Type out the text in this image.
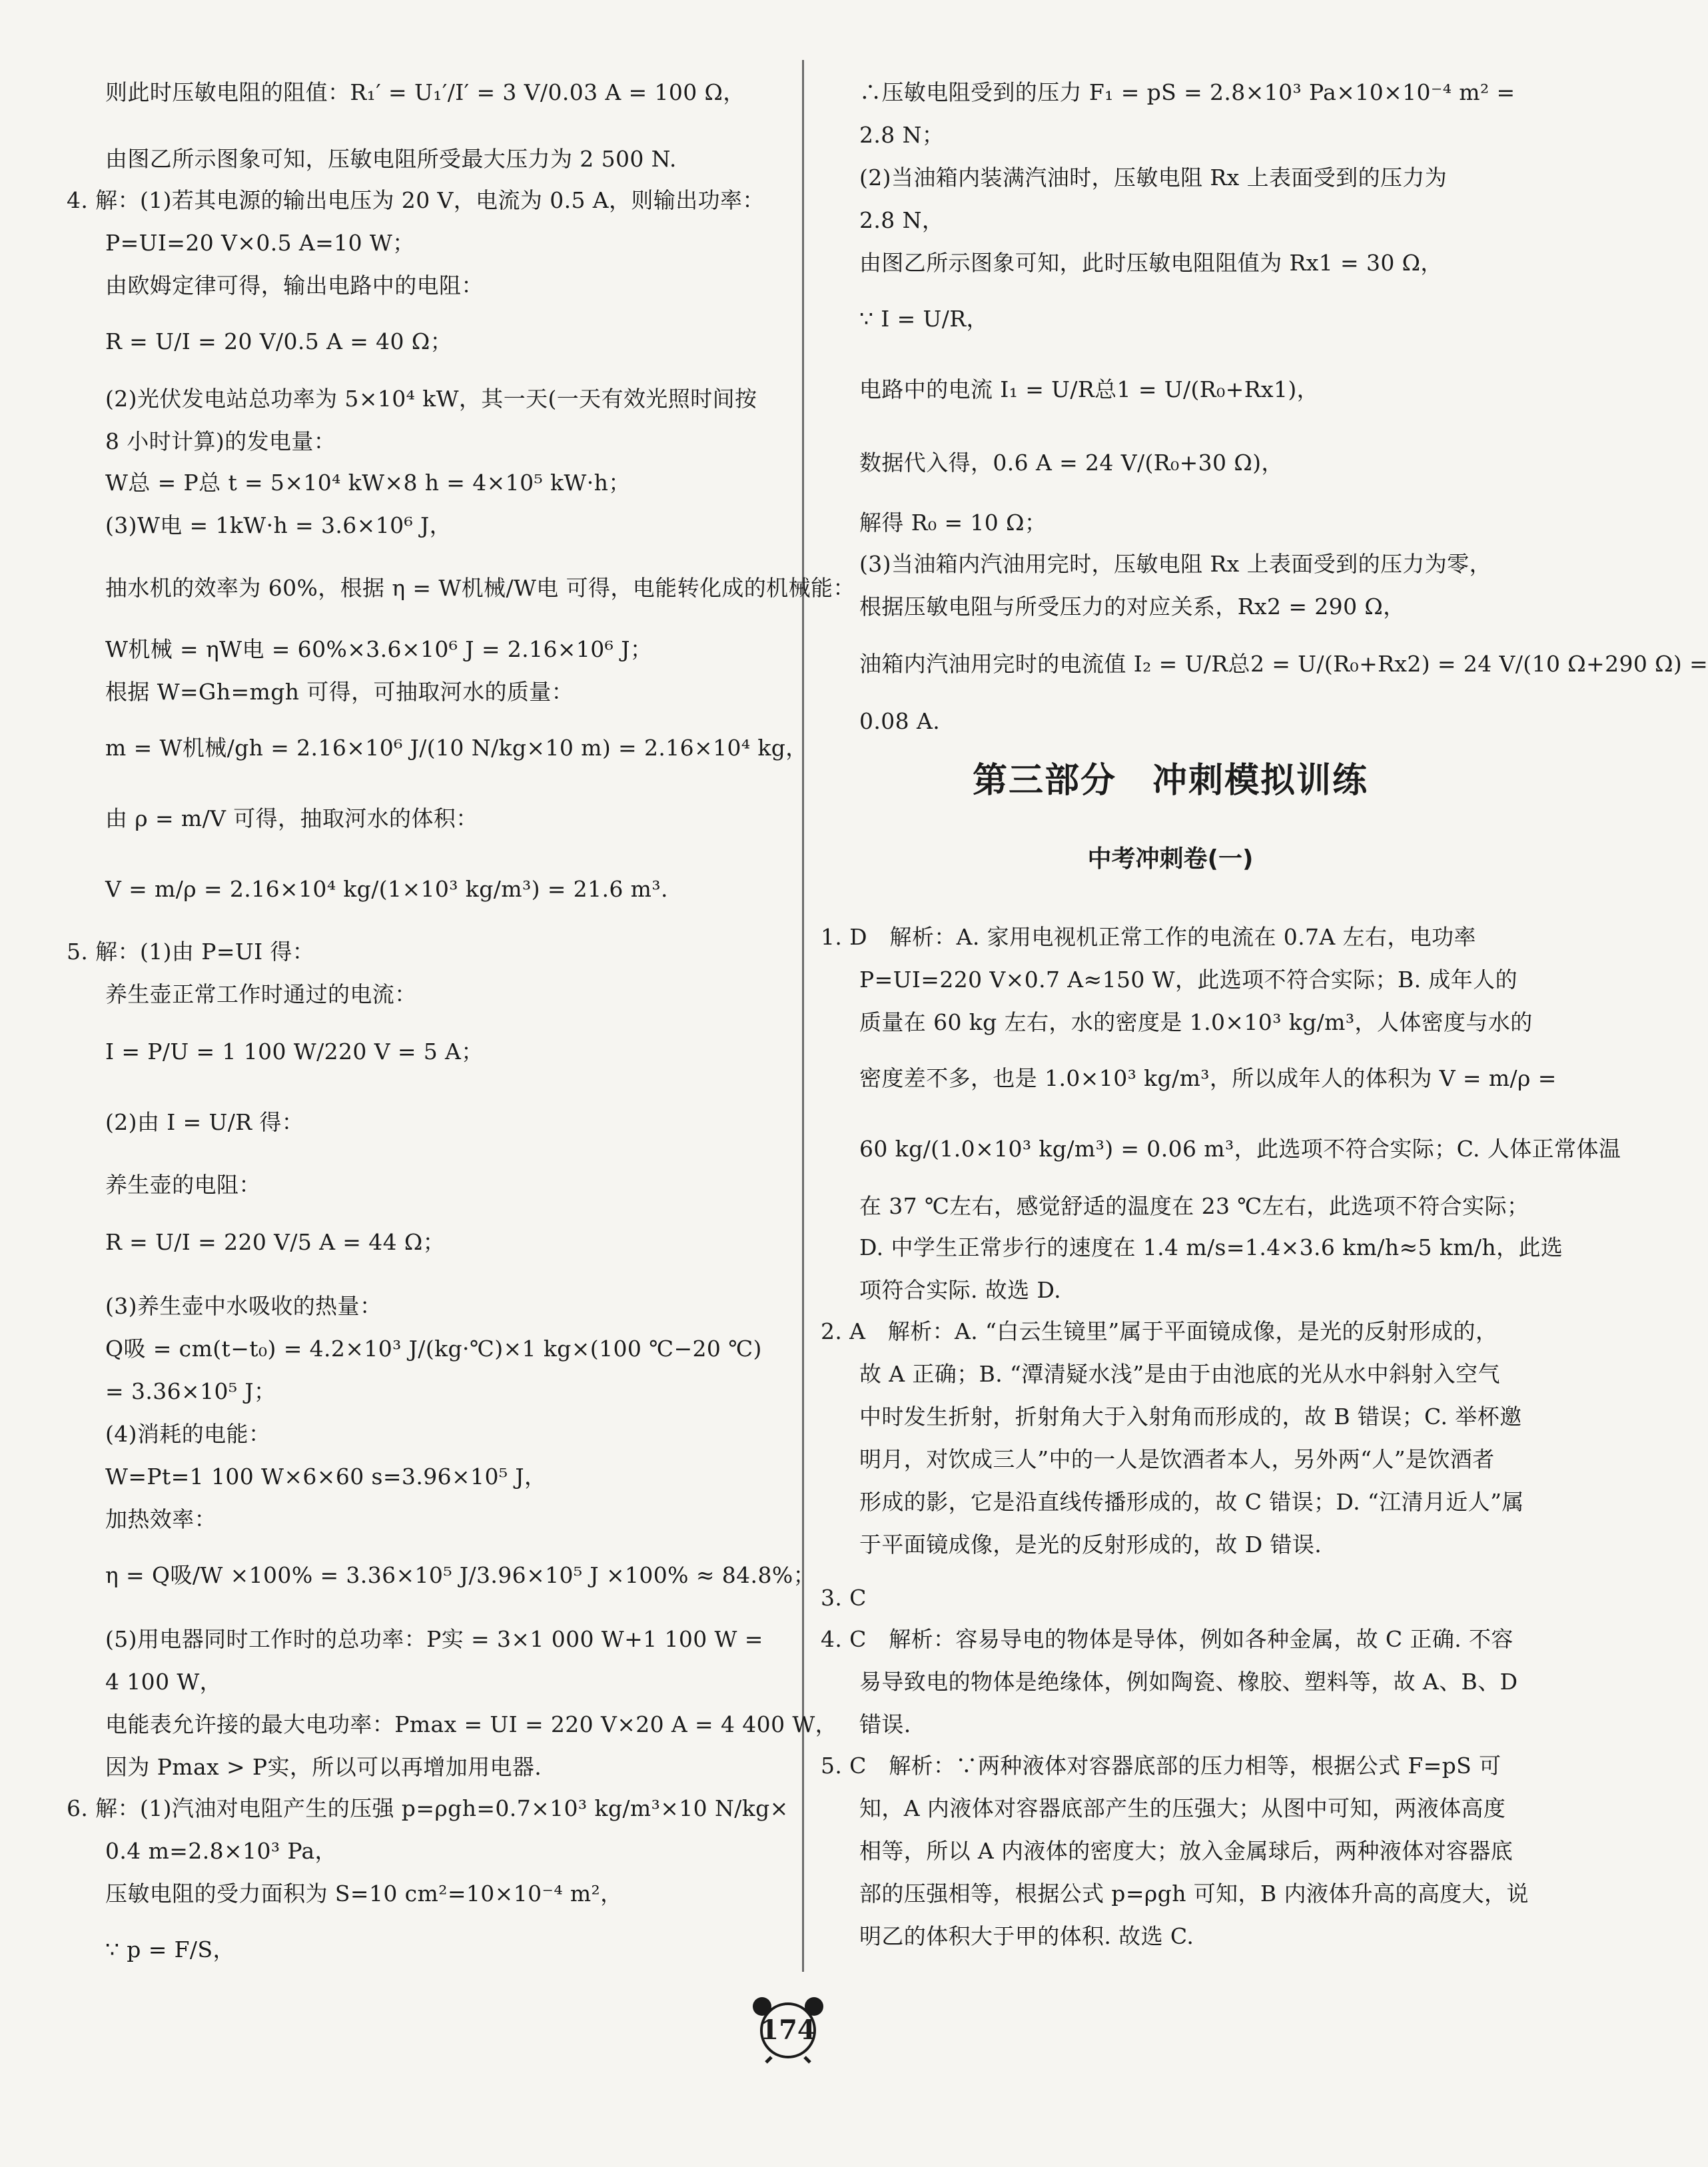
则此时压敏电阻的阻值：R₁′ = U₁′/I′ = 3 V/0.03 A = 100 Ω，
由图乙所示图象可知，压敏电阻所受最大压力为 2 500 N.
4. 解：(1)若其电源的输出电压为 20 V，电流为 0.5 A，则输出功率：
P=UI=20 V×0.5 A=10 W；
由欧姆定律可得，输出电路中的电阻：
R = U/I = 20 V/0.5 A = 40 Ω；
(2)光伏发电站总功率为 5×10⁴ kW，其一天(一天有效光照时间按
8 小时计算)的发电量：
W总 = P总 t = 5×10⁴ kW×8 h = 4×10⁵ kW·h；
(3)W电 = 1kW·h = 3.6×10⁶ J，
抽水机的效率为 60%，根据 η = W机械/W电 可得，电能转化成的机械能：
W机械 = ηW电 = 60%×3.6×10⁶ J = 2.16×10⁶ J；
根据 W=Gh=mgh 可得，可抽取河水的质量：
m = W机械/gh = 2.16×10⁶ J/(10 N/kg×10 m) = 2.16×10⁴ kg，
由 ρ = m/V 可得，抽取河水的体积：
V = m/ρ = 2.16×10⁴ kg/(1×10³ kg/m³) = 21.6 m³.
5. 解：(1)由 P=UI 得：
养生壶正常工作时通过的电流：
I = P/U = 1 100 W/220 V = 5 A；
(2)由 I = U/R 得：
养生壶的电阻：
R = U/I = 220 V/5 A = 44 Ω；
(3)养生壶中水吸收的热量：
Q吸 = cm(t−t₀) = 4.2×10³ J/(kg·℃)×1 kg×(100 ℃−20 ℃)
= 3.36×10⁵ J；
(4)消耗的电能：
W=Pt=1 100 W×6×60 s=3.96×10⁵ J，
加热效率：
η = Q吸/W ×100% = 3.36×10⁵ J/3.96×10⁵ J ×100% ≈ 84.8%；
(5)用电器同时工作时的总功率：P实 = 3×1 000 W+1 100 W =
4 100 W，
电能表允许接的最大电功率：Pmax = UI = 220 V×20 A = 4 400 W，
因为 Pmax > P实，所以可以再增加用电器.
6. 解：(1)汽油对电阻产生的压强 p=ρgh=0.7×10³ kg/m³×10 N/kg×
0.4 m=2.8×10³ Pa，
压敏电阻的受力面积为 S=10 cm²=10×10⁻⁴ m²，
∵ p = F/S，
第三部分　冲刺模拟训练
中考冲刺卷(一)
∴压敏电阻受到的压力 F₁ = pS = 2.8×10³ Pa×10×10⁻⁴ m² =
2.8 N；
(2)当油箱内装满汽油时，压敏电阻 Rx 上表面受到的压力为
2.8 N，
由图乙所示图象可知，此时压敏电阻阻值为 Rx1 = 30 Ω，
∵ I = U/R，
电路中的电流 I₁ = U/R总1 = U/(R₀+Rx1)，
数据代入得，0.6 A = 24 V/(R₀+30 Ω)，
解得 R₀ = 10 Ω；
(3)当油箱内汽油用完时，压敏电阻 Rx 上表面受到的压力为零，
根据压敏电阻与所受压力的对应关系，Rx2 = 290 Ω，
油箱内汽油用完时的电流值 I₂ = U/R总2 = U/(R₀+Rx2) = 24 V/(10 Ω+290 Ω) =
0.08 A.
1. D　解析：A. 家用电视机正常工作的电流在 0.7A 左右，电功率
P=UI=220 V×0.7 A≈150 W，此选项不符合实际；B. 成年人的
质量在 60 kg 左右，水的密度是 1.0×10³ kg/m³，人体密度与水的
密度差不多，也是 1.0×10³ kg/m³，所以成年人的体积为 V = m/ρ =
60 kg/(1.0×10³ kg/m³) = 0.06 m³，此选项不符合实际；C. 人体正常体温
在 37 ℃左右，感觉舒适的温度在 23 ℃左右，此选项不符合实际；
D. 中学生正常步行的速度在 1.4 m/s=1.4×3.6 km/h≈5 km/h，此选
项符合实际. 故选 D.
2. A　解析：A. “白云生镜里”属于平面镜成像，是光的反射形成的，
故 A 正确；B. “潭清疑水浅”是由于由池底的光从水中斜射入空气
中时发生折射，折射角大于入射角而形成的，故 B 错误；C. 举杯邀
明月，对饮成三人”中的一人是饮酒者本人，另外两“人”是饮酒者
形成的影，它是沿直线传播形成的，故 C 错误；D. “江清月近人”属
于平面镜成像，是光的反射形成的，故 D 错误.
3. C
4. C　解析：容易导电的物体是导体，例如各种金属，故 C 正确. 不容
易导致电的物体是绝缘体，例如陶瓷、橡胶、塑料等，故 A、B、D
错误.
5. C　解析：∵两种液体对容器底部的压力相等，根据公式 F=pS 可
知，A 内液体对容器底部产生的压强大；从图中可知，两液体高度
相等，所以 A 内液体的密度大；放入金属球后，两种液体对容器底
部的压强相等，根据公式 p=ρgh 可知，B 内液体升高的高度大，说
明乙的体积大于甲的体积. 故选 C.
174
